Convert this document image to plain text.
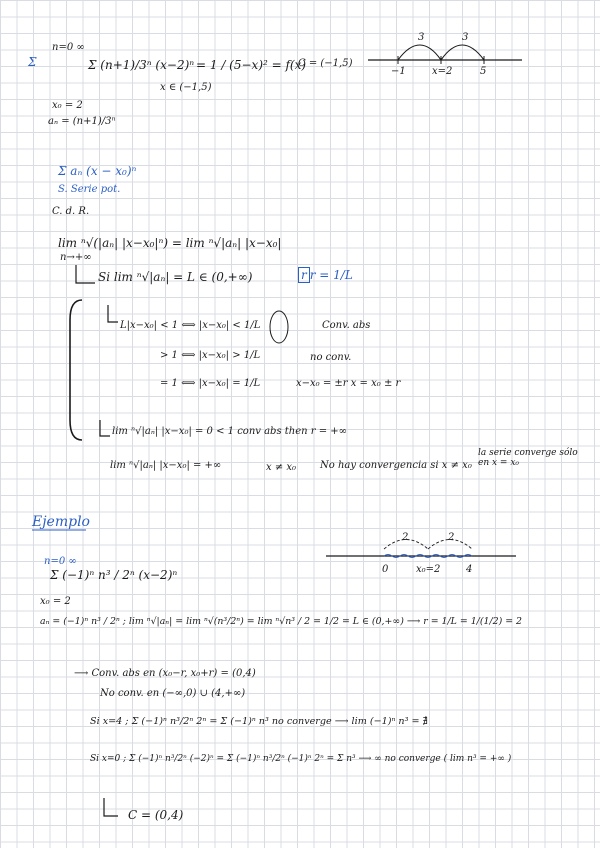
Σ
n=0 ∞
Σ (n+1)/3ⁿ (x−2)ⁿ = 1 / (5−x)² = f(x)
x ∈ (−1,5)
C = (−1,5)
−1	x=2	5
3	3
x₀ = 2
aₙ = (n+1)/3ⁿ
Σ aₙ (x − x₀)ⁿ
S. Serie pot.
C. d. R.
lim ⁿ√(|aₙ| |x−x₀|ⁿ) = lim ⁿ√|aₙ| |x−x₀|
n→+∞
Si lim ⁿ√|aₙ| = L ∈ (0,+∞)	r r = 1/L
L|x−x₀| < 1 ⟺ |x−x₀| < 1/L	Conv. abs
> 1 ⟺ |x−x₀| > 1/L	no conv.
= 1 ⟺ |x−x₀| = 1/L	x−x₀ = ±r x = x₀ ± r
lim ⁿ√|aₙ| |x−x₀| = 0 < 1 conv abs then r = +∞
lim ⁿ√|aₙ| |x−x₀| = +∞	x ≠ x₀ No hay convergencia si x ≠ x₀
la serie converge sólo en x = x₀
Ejemplo
n=0 ∞
Σ (−1)ⁿ n³ / 2ⁿ (x−2)ⁿ	0	x₀=2	4
2	2
x₀ = 2
aₙ = (−1)ⁿ n³ / 2ⁿ ; lim ⁿ√|aₙ| = lim ⁿ√(n³/2ⁿ) = lim ⁿ√n³ / 2 = 1/2 = L ∈ (0,+∞) ⟶ r = 1/L = 1/(1/2) = 2
⟶ Conv. abs en (x₀−r, x₀+r) = (0,4)
No conv. en (−∞,0) ∪ (4,+∞)
Si x=4 ; Σ (−1)ⁿ n³/2ⁿ 2ⁿ = Σ (−1)ⁿ n³ no converge ⟶ lim (−1)ⁿ n³ = ∄
Si x=0 ; Σ (−1)ⁿ n³/2ⁿ (−2)ⁿ = Σ (−1)ⁿ n³/2ⁿ (−1)ⁿ 2ⁿ = Σ n³ ⟶ ∞ no converge ( lim n³ = +∞ )
C = (0,4)
